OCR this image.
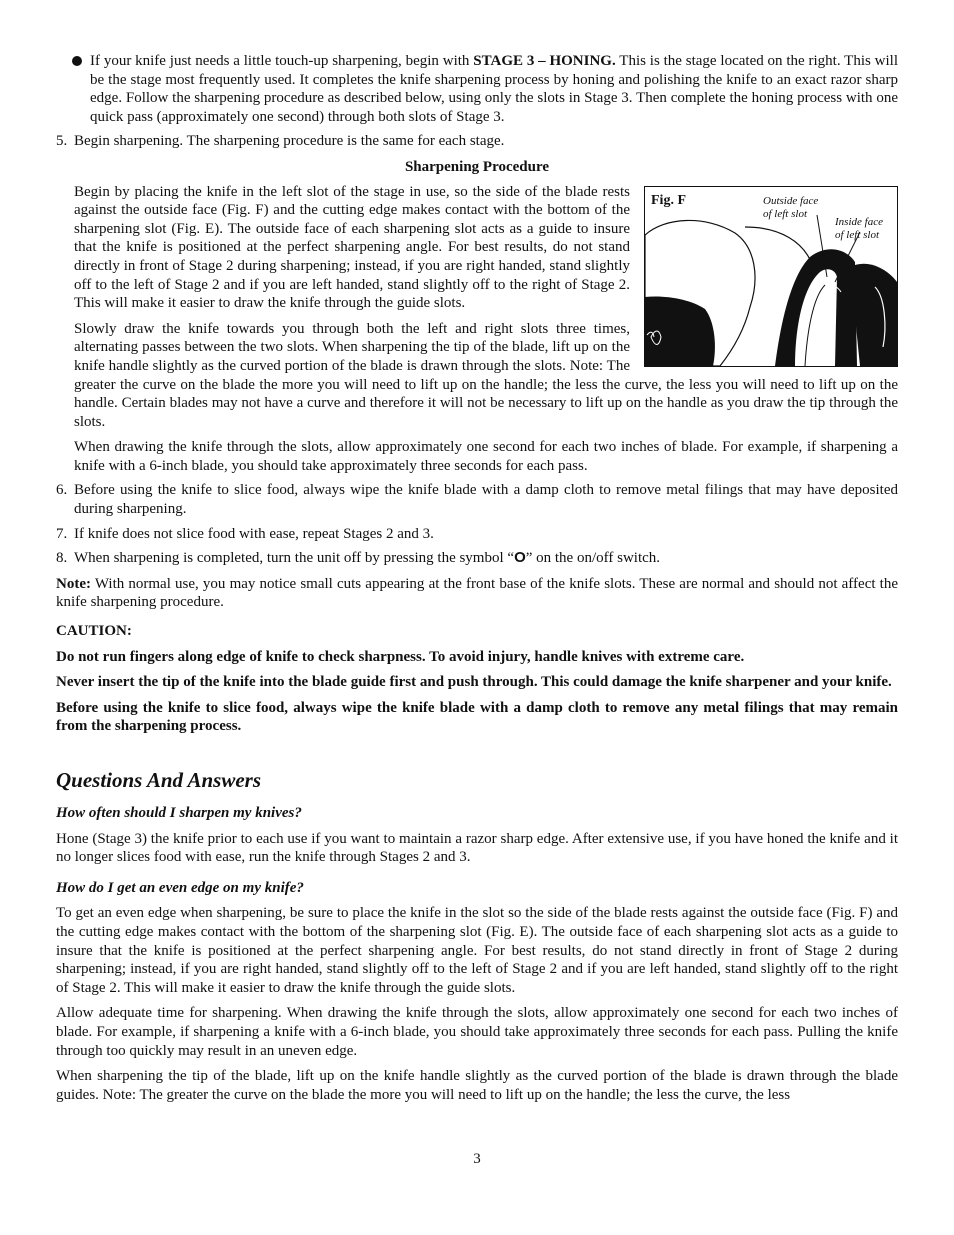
If your knife just needs a little touch-up sharpening, begin with STAGE 3 – HONING. This is the stage located on the right. This will be the stage most frequently used. It completes the knife sharpening process by honing and polishing the knife to an exact razor sharp edge. Follow the sharpening procedure as described below, using only the slots in Stage 3. Then complete the honing process with one quick pass (approximately one second) through both slots of Stage 3.

5. Begin sharpening. The sharpening procedure is the same for each stage.

Sharpening Procedure

Fig. F	Outside face
of left slot
Inside face
of left slot
Begin by placing the knife in the left slot of the stage in use, so the side of the blade rests against the outside face (Fig. F) and the cutting edge makes contact with the bottom of the sharpening slot (Fig. E). The outside face of each sharpening slot acts as a guide to insure that the knife is positioned at the perfect sharpening angle. For best results, do not stand directly in front of Stage 2 during sharpening; instead, if you are right handed, stand slightly off to the left of Stage 2 and if you are left handed, stand slightly off to the right of Stage 2. This will make it easier to draw the knife through the guide slots.

Slowly draw the knife towards you through both the left and right slots three times, alternating passes between the two slots. When sharpening the tip of the blade, lift up on the knife handle slightly as the curved portion of the blade is drawn through the slots. Note: The greater the curve on the blade the more you will need to lift up on the handle; the less the curve, the less you will need to lift up on the handle. Certain blades may not have a curve and therefore it will not be necessary to lift up on the handle as you draw the tip through the slots.

When drawing the knife through the slots, allow approximately one second for each two inches of blade. For example, if sharpening a knife with a 6-inch blade, you should take approximately three seconds for each pass.

6. Before using the knife to slice food, always wipe the knife blade with a damp cloth to remove metal filings that may have deposited during sharpening.

7. If knife does not slice food with ease, repeat Stages 2 and 3.

8. When sharpening is completed, turn the unit off by pressing the symbol “O” on the on/off switch.

Note: With normal use, you may notice small cuts appearing at the front base of the knife slots. These are normal and should not affect the knife sharpening procedure.

CAUTION:

Do not run fingers along edge of knife to check sharpness. To avoid injury, handle knives with extreme care.

Never insert the tip of the knife into the blade guide first and push through. This could damage the knife sharpener and your knife.

Before using the knife to slice food, always wipe the knife blade with a damp cloth to remove any metal filings that may remain from the sharpening process.

Questions And Answers

How often should I sharpen my knives?

Hone (Stage 3) the knife prior to each use if you want to maintain a razor sharp edge. After extensive use, if you have honed the knife and it no longer slices food with ease, run the knife through Stages 2 and 3.

How do I get an even edge on my knife?

To get an even edge when sharpening, be sure to place the knife in the slot so the side of the blade rests against the outside face (Fig. F) and the cutting edge makes contact with the bottom of the sharpening slot (Fig. E). The outside face of each sharpening slot acts as a guide to insure that the knife is positioned at the perfect sharpening angle. For best results, do not stand directly in front of Stage 2 during sharpening; instead, if you are right handed, stand slightly off to the left of Stage 2 and if you are left handed, stand slightly off to the right of Stage 2. This will make it easier to draw the knife through the guide slots.

Allow adequate time for sharpening. When drawing the knife through the slots, allow approximately one second for each two inches of blade. For example, if sharpening a knife with a 6-inch blade, you should take approximately three seconds for each pass. Pulling the knife through too quickly may result in an uneven edge.

When sharpening the tip of the blade, lift up on the knife handle slightly as the curved portion of the blade is drawn through the blade guides. Note: The greater the curve on the blade the more you will need to lift up on the handle; the less the curve, the less

3
